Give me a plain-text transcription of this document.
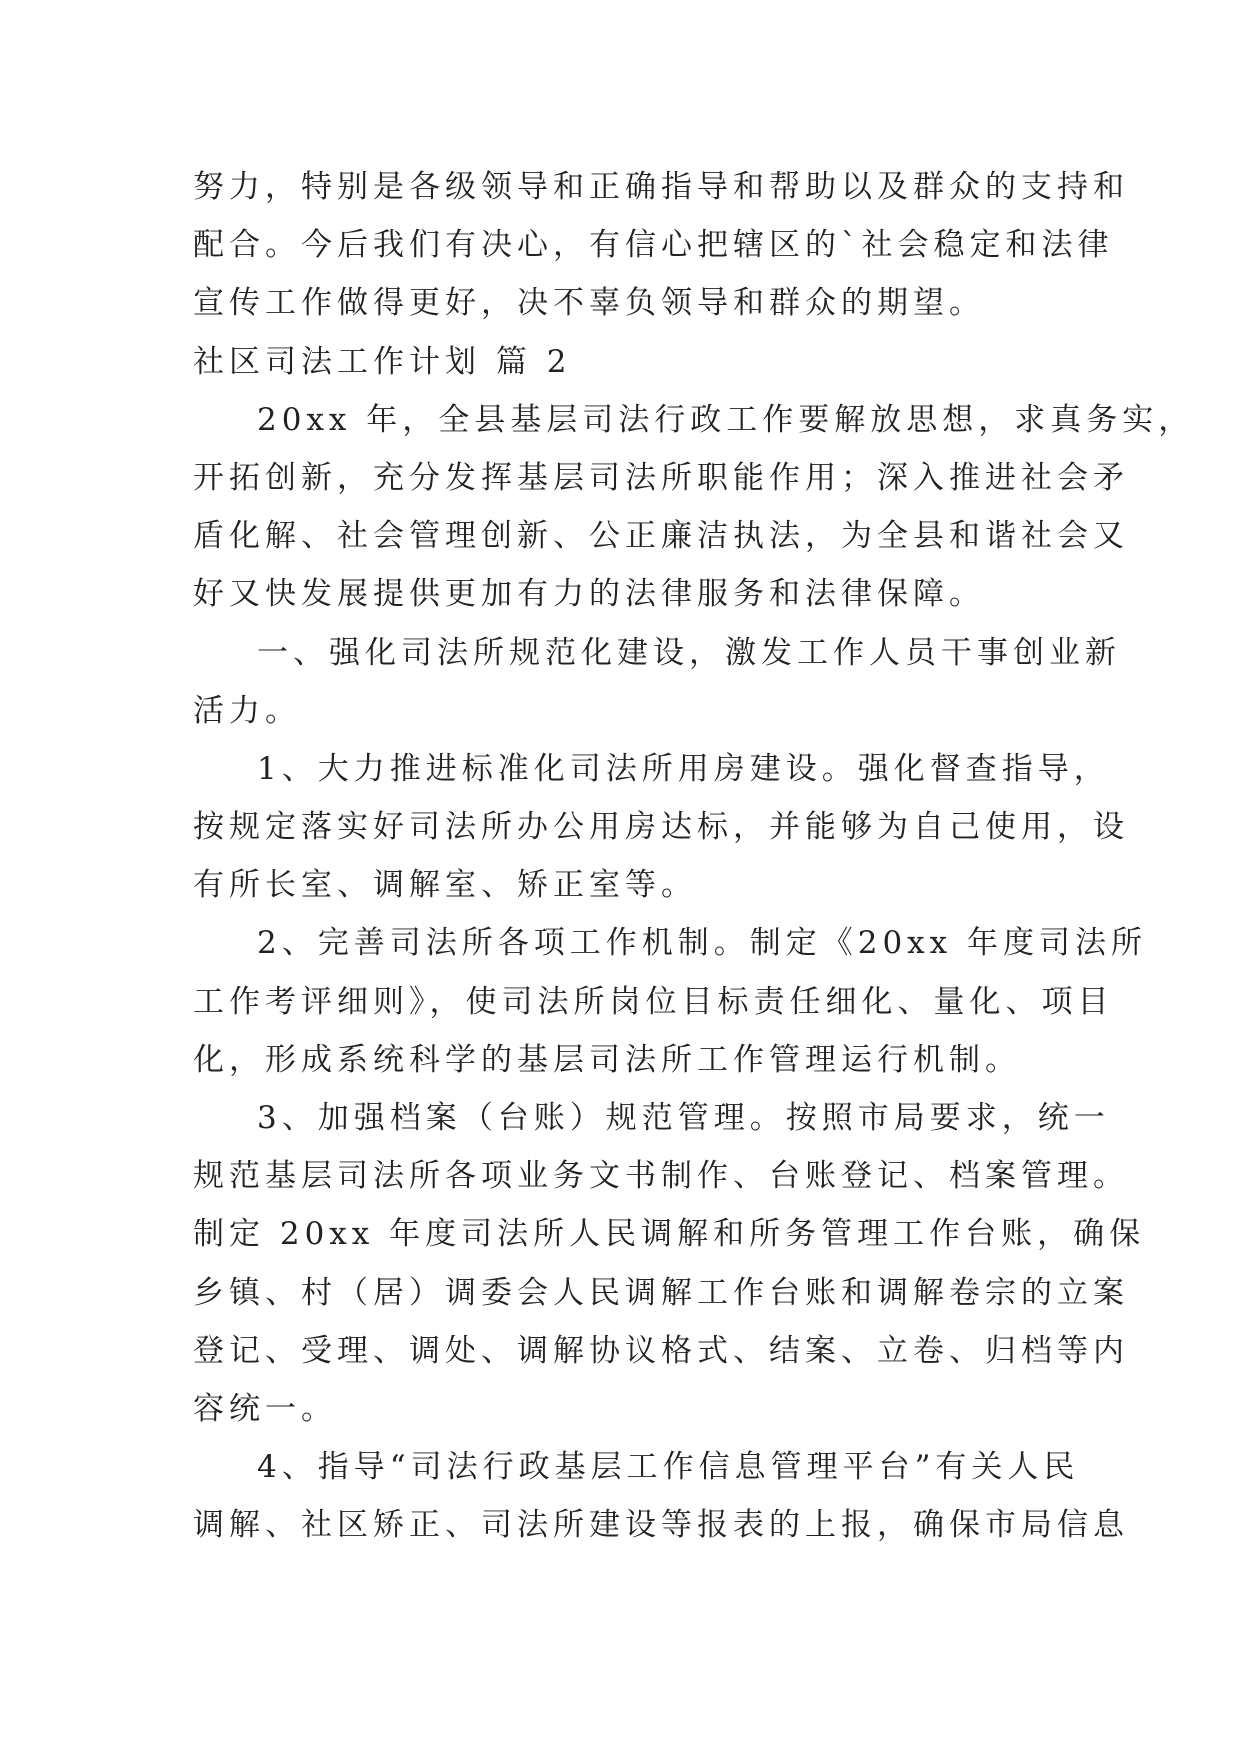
努力，特别是各级领导和正确指导和帮助以及群众的支持和
配合。今后我们有决心，有信心把辖区的`社会稳定和法律
宣传工作做得更好，决不辜负领导和群众的期望。
社区司法工作计划 篇 2
20xx 年，全县基层司法行政工作要解放思想，求真务实，
开拓创新，充分发挥基层司法所职能作用；深入推进社会矛
盾化解、社会管理创新、公正廉洁执法，为全县和谐社会又
好又快发展提供更加有力的法律服务和法律保障。
一、强化司法所规范化建设，激发工作人员干事创业新
活力。
1、大力推进标准化司法所用房建设。强化督查指导，
按规定落实好司法所办公用房达标，并能够为自己使用，设
有所长室、调解室、矫正室等。
2、完善司法所各项工作机制。制定《20xx 年度司法所
工作考评细则》，使司法所岗位目标责任细化、量化、项目
化，形成系统科学的基层司法所工作管理运行机制。
3、加强档案（台账）规范管理。按照市局要求，统一
规范基层司法所各项业务文书制作、台账登记、档案管理。
制定 20xx 年度司法所人民调解和所务管理工作台账，确保
乡镇、村（居）调委会人民调解工作台账和调解卷宗的立案
登记、受理、调处、调解协议格式、结案、立卷、归档等内
容统一。
4、指导“司法行政基层工作信息管理平台”有关人民
调解、社区矫正、司法所建设等报表的上报，确保市局信息
